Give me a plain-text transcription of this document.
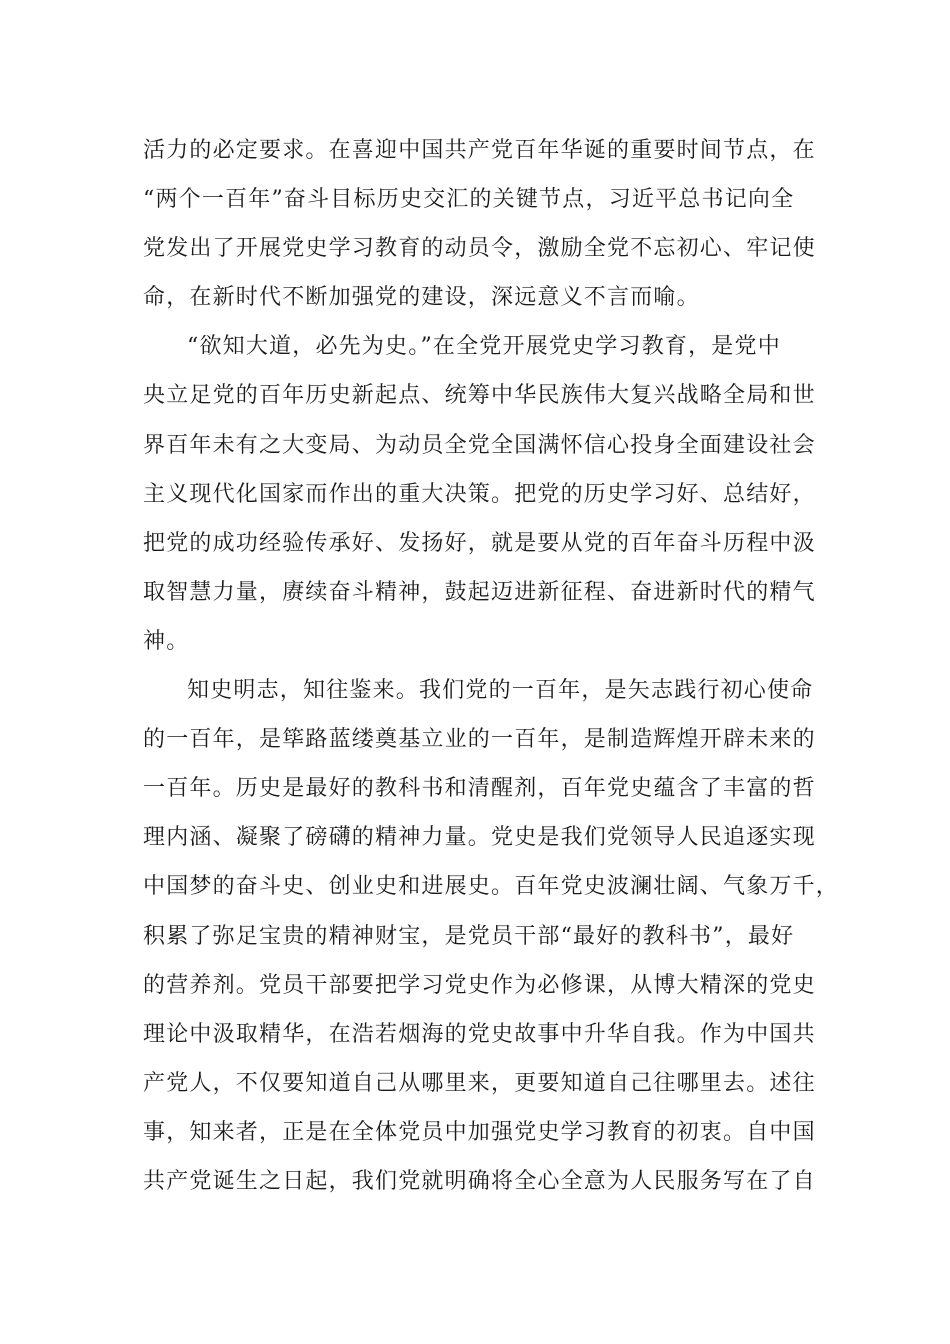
活力的必定要求。在喜迎中国共产党百年华诞的重要时间节点，在
“两个一百年”奋斗目标历史交汇的关键节点，习近平总书记向全
党发出了开展党史学习教育的动员令，激励全党不忘初心、牢记使
命，在新时代不断加强党的建设，深远意义不言而喻。
“欲知大道，必先为史。”在全党开展党史学习教育，是党中
央立足党的百年历史新起点、统筹中华民族伟大复兴战略全局和世
界百年未有之大变局、为动员全党全国满怀信心投身全面建设社会
主义现代化国家而作出的重大决策。把党的历史学习好、总结好，
把党的成功经验传承好、发扬好，就是要从党的百年奋斗历程中汲
取智慧力量，赓续奋斗精神，鼓起迈进新征程、奋进新时代的精气
神。
知史明志，知往鉴来。我们党的一百年，是矢志践行初心使命
的一百年，是筚路蓝缕奠基立业的一百年，是制造辉煌开辟未来的
一百年。历史是最好的教科书和清醒剂，百年党史蕴含了丰富的哲
理内涵、凝聚了磅礴的精神力量。党史是我们党领导人民追逐实现
中国梦的奋斗史、创业史和进展史。百年党史波澜壮阔、气象万千，
积累了弥足宝贵的精神财宝，是党员干部“最好的教科书”，最好
的营养剂。党员干部要把学习党史作为必修课，从博大精深的党史
理论中汲取精华，在浩若烟海的党史故事中升华自我。作为中国共
产党人，不仅要知道自己从哪里来，更要知道自己往哪里去。述往
事，知来者，正是在全体党员中加强党史学习教育的初衷。自中国
共产党诞生之日起，我们党就明确将全心全意为人民服务写在了自
